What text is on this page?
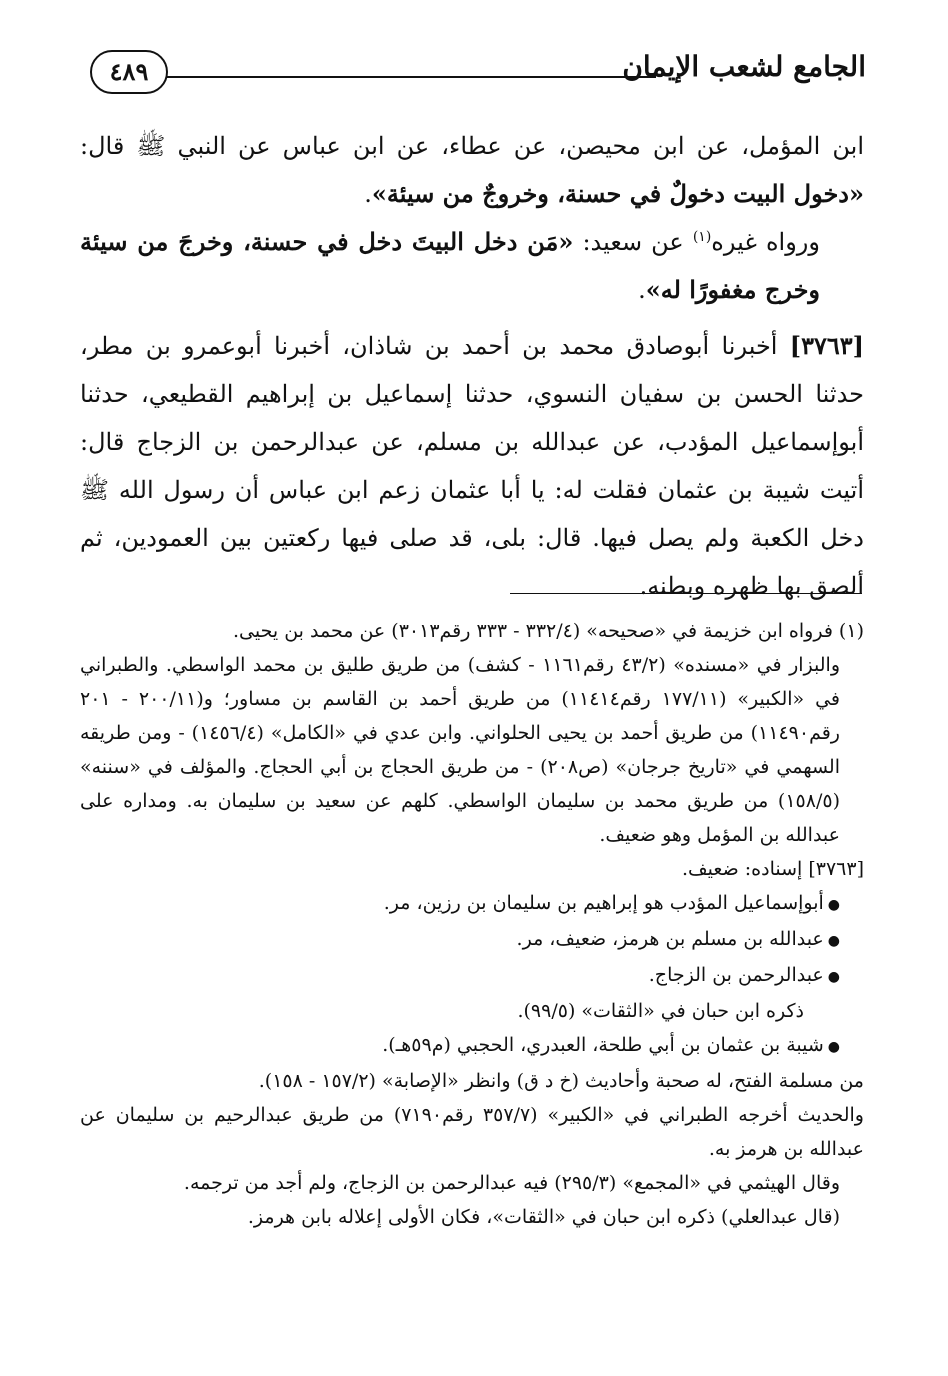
الجامع لشعب الإيمان
٤٨٩

ابن المؤمل، عن ابن محيصن، عن عطاء، عن ابن عباس عن النبي ﷺ قال: «دخول البيت دخولٌ في حسنة، وخروجٌ من سيئة».

ورواه غيره$^{(١)}$ عن سعيد: «مَن دخل البيتَ دخل في حسنة، وخرجَ من سيئة وخرج مغفورًا له».

[٣٧٦٣] أخبرنا أبوصادق محمد بن أحمد بن شاذان، أخبرنا أبوعمرو بن مطر، حدثنا الحسن بن سفيان النسوي، حدثنا إسماعيل بن إبراهيم القطيعي، حدثنا أبوإسماعيل المؤدب، عن عبدالله بن مسلم، عن عبدالرحمن بن الزجاج قال: أتيت شيبة بن عثمان فقلت له: يا أبا عثمان زعم ابن عباس أن رسول الله ﷺ دخل الكعبة ولم يصل فيها. قال: بلى، قد صلى فيها ركعتين بين العمودين، ثم ألصق بها ظهره وبطنه.

(١) فرواه ابن خزيمة في «صحيحه» (٣٣٢/٤ - ٣٣٣ رقم٣٠١٣) عن محمد بن يحيى.

والبزار في «مسنده» (٤٣/٢ رقم١١٦١ - كشف) من طريق طليق بن محمد الواسطي. والطبراني في «الكبير» (١٧٧/١١ رقم١١٤١٤) من طريق أحمد بن القاسم بن مساور؛ و(٢٠٠/١١ - ٢٠١ رقم١١٤٩٠) من طريق أحمد بن يحيى الحلواني. وابن عدي في «الكامل» (١٤٥٦/٤) - ومن طريقه السهمي في «تاريخ جرجان» (ص٢٠٨) - من طريق الحجاج بن أبي الحجاج. والمؤلف في «سننه» (١٥٨/٥) من طريق محمد بن سليمان الواسطي. كلهم عن سعيد بن سليمان به. ومداره على عبدالله بن المؤمل وهو ضعيف.

[٣٧٦٣] إسناده: ضعيف.

●أبوإسماعيل المؤدب هو إبراهيم بن سليمان بن رزين، مر.

●عبدالله بن مسلم بن هرمز، ضعيف، مر.

●عبدالرحمن بن الزجاج.

ذكره ابن حبان في «الثقات» (٩٩/٥).

●شيبة بن عثمان بن أبي طلحة، العبدري، الحجبي (م٥٩هـ).

من مسلمة الفتح، له صحبة وأحاديث (خ د ق) وانظر «الإصابة» (١٥٧/٢ - ١٥٨).

والحديث أخرجه الطبراني في «الكبير» (٣٥٧/٧ رقم٧١٩٠) من طريق عبدالرحيم بن سليمان عن عبدالله بن هرمز به.

وقال الهيثمي في «المجمع» (٢٩٥/٣) فيه عبدالرحمن بن الزجاج، ولم أجد من ترجمه.

(قال عبدالعلي) ذكره ابن حبان في «الثقات»، فكان الأولى إعلاله بابن هرمز.
